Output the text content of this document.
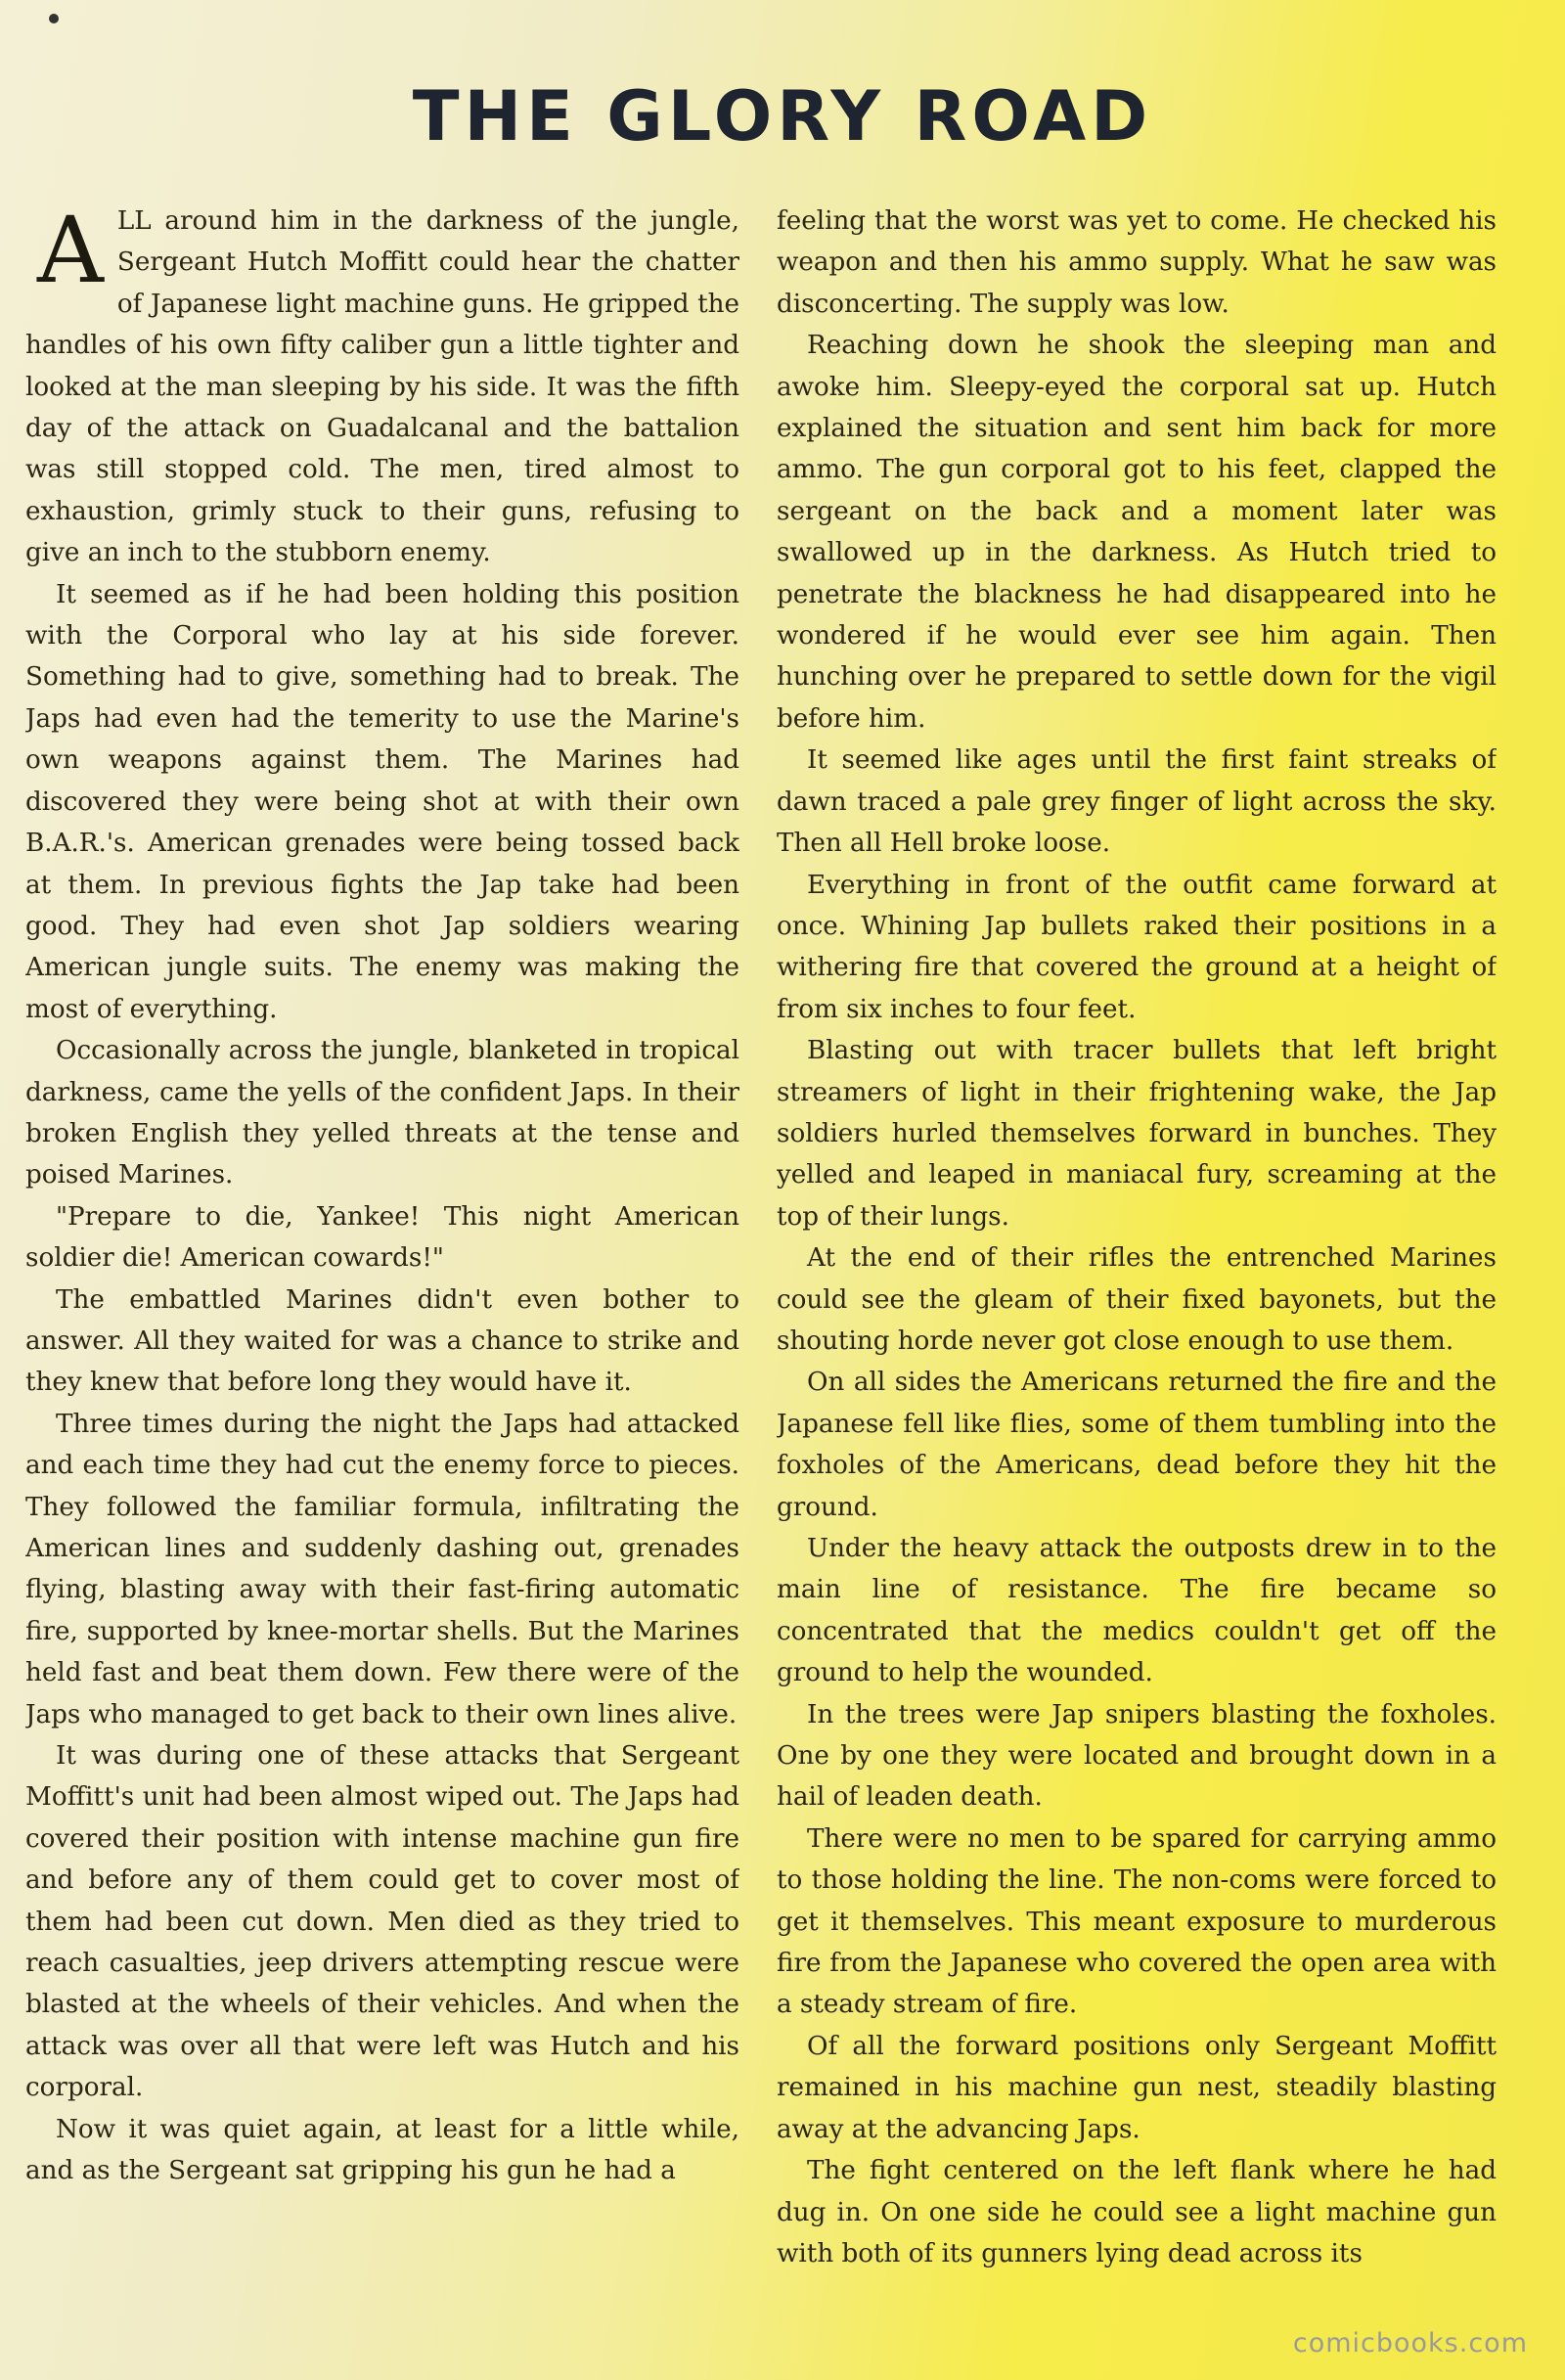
THE GLORY ROAD

ALL around him in the darkness of the jungle, Sergeant Hutch Moffitt could hear the chatter of Japanese light machine guns. He gripped the handles of his own fifty caliber gun a little tighter and looked at the man sleeping by his side. It was the fifth day of the attack on Guadalcanal and the battalion was still stopped cold. The men, tired almost to exhaustion, grimly stuck to their guns, refusing to give an inch to the stubborn enemy.

It seemed as if he had been holding this position with the Corporal who lay at his side forever. Something had to give, something had to break. The Japs had even had the temerity to use the Marine's own weapons against them. The Marines had discovered they were being shot at with their own B.A.R.'s. American grenades were being tossed back at them. In previous fights the Jap take had been good. They had even shot Jap soldiers wearing American jungle suits. The enemy was making the most of everything.

Occasionally across the jungle, blanketed in tropical darkness, came the yells of the confident Japs. In their broken English they yelled threats at the tense and poised Marines.

"Prepare to die, Yankee! This night American soldier die! American cowards!"

The embattled Marines didn't even bother to answer. All they waited for was a chance to strike and they knew that before long they would have it.

Three times during the night the Japs had attacked and each time they had cut the enemy force to pieces. They followed the familiar formula, infiltrating the American lines and suddenly dashing out, grenades flying, blasting away with their fast-firing automatic fire, supported by knee-mortar shells. But the Marines held fast and beat them down. Few there were of the Japs who managed to get back to their own lines alive.

It was during one of these attacks that Sergeant Moffitt's unit had been almost wiped out. The Japs had covered their position with intense machine gun fire and before any of them could get to cover most of them had been cut down. Men died as they tried to reach casualties, jeep drivers attempting rescue were blasted at the wheels of their vehicles. And when the attack was over all that were left was Hutch and his corporal.

Now it was quiet again, at least for a little while, and as the Sergeant sat gripping his gun he had a

feeling that the worst was yet to come. He checked his weapon and then his ammo supply. What he saw was disconcerting. The supply was low.

Reaching down he shook the sleeping man and awoke him. Sleepy-eyed the corporal sat up. Hutch explained the situation and sent him back for more ammo. The gun corporal got to his feet, clapped the sergeant on the back and a moment later was swallowed up in the darkness. As Hutch tried to penetrate the blackness he had disappeared into he wondered if he would ever see him again. Then hunching over he prepared to settle down for the vigil before him.

It seemed like ages until the first faint streaks of dawn traced a pale grey finger of light across the sky. Then all Hell broke loose.

Everything in front of the outfit came forward at once. Whining Jap bullets raked their positions in a withering fire that covered the ground at a height of from six inches to four feet.

Blasting out with tracer bullets that left bright streamers of light in their frightening wake, the Jap soldiers hurled themselves forward in bunches. They yelled and leaped in maniacal fury, screaming at the top of their lungs.

At the end of their rifles the entrenched Marines could see the gleam of their fixed bayonets, but the shouting horde never got close enough to use them.

On all sides the Americans returned the fire and the Japanese fell like flies, some of them tumbling into the foxholes of the Americans, dead before they hit the ground.

Under the heavy attack the outposts drew in to the main line of resistance. The fire became so concentrated that the medics couldn't get off the ground to help the wounded.

In the trees were Jap snipers blasting the foxholes. One by one they were located and brought down in a hail of leaden death.

There were no men to be spared for carrying ammo to those holding the line. The non-coms were forced to get it themselves. This meant exposure to murderous fire from the Japanese who covered the open area with a steady stream of fire.

Of all the forward positions only Sergeant Moffitt remained in his machine gun nest, steadily blasting away at the advancing Japs.

The fight centered on the left flank where he had dug in. On one side he could see a light machine gun with both of its gunners lying dead across its

comicbooks.com
